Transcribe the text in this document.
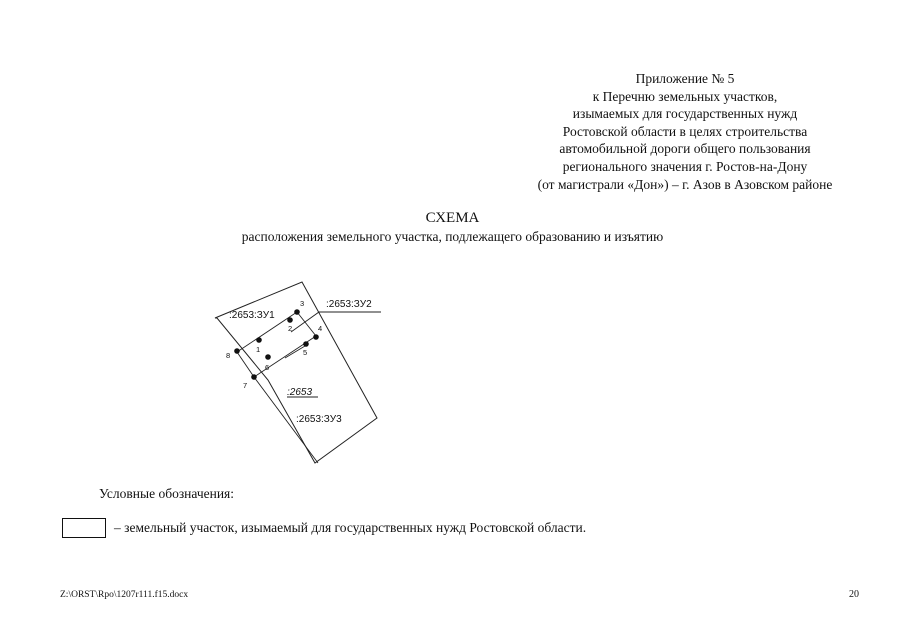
Приложение № 5
к Перечню земельных участков,
изымаемых для государственных нужд
Ростовской области в целях строительства
автомобильной дороги общего пользования
регионального значения г. Ростов-на-Дону
(от магистрали «Дон») – г. Азов в Азовском районе
СХЕМА
расположения земельного участка, подлежащего образованию и изъятию
1
2
3
4
5
6
7
8
:2653:ЗУ1
:2653:ЗУ2
:2653
:2653:ЗУ3
Условные обозначения:
– земельный участок, изымаемый для государственных нужд Ростовской области.
Z:\ORST\Rpo\1207r111.f15.docx	20
